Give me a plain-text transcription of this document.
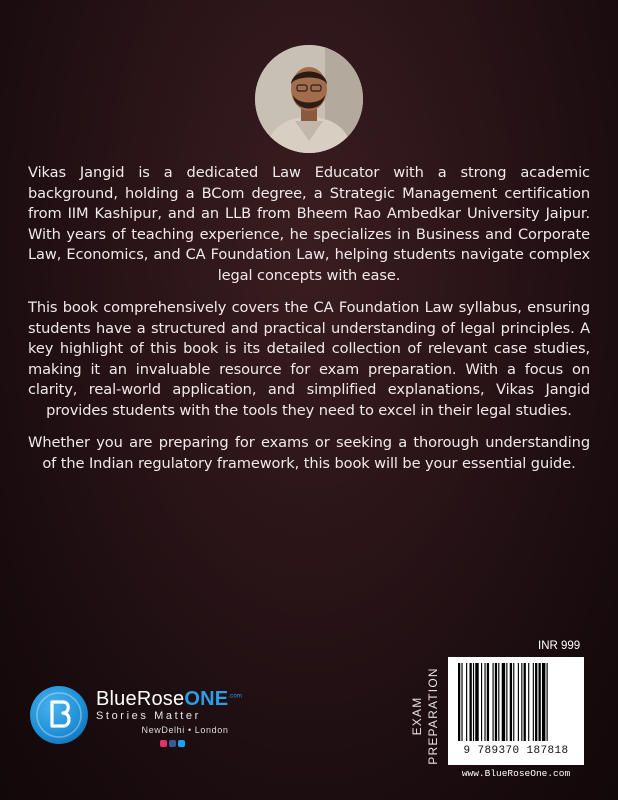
Vikas Jangid is a dedicated Law Educator with a strong academic background, holding a BCom degree, a Strategic Management certification from IIM Kashipur, and an LLB from Bheem Rao Ambedkar University Jaipur. With years of teaching experience, he specializes in Business and Corporate Law, Economics, and CA Foundation Law, helping students navigate complex legal concepts with ease.
This book comprehensively covers the CA Foundation Law syllabus, ensuring students have a structured and practical understanding of legal principles. A key highlight of this book is its detailed collection of relevant case studies, making it an invaluable resource for exam preparation. With a focus on clarity, real-world application, and simplified explanations, Vikas Jangid provides students with the tools they need to excel in their legal studies.
Whether you are preparing for exams or seeking a thorough understanding of the Indian regulatory framework, this book will be your essential guide.
BlueRoseONE$^{.com}$
Stories Matter
NewDelhi • London
INR 999
EXAM PREPARATION	9 789370 187818
www.BlueRoseOne.com
